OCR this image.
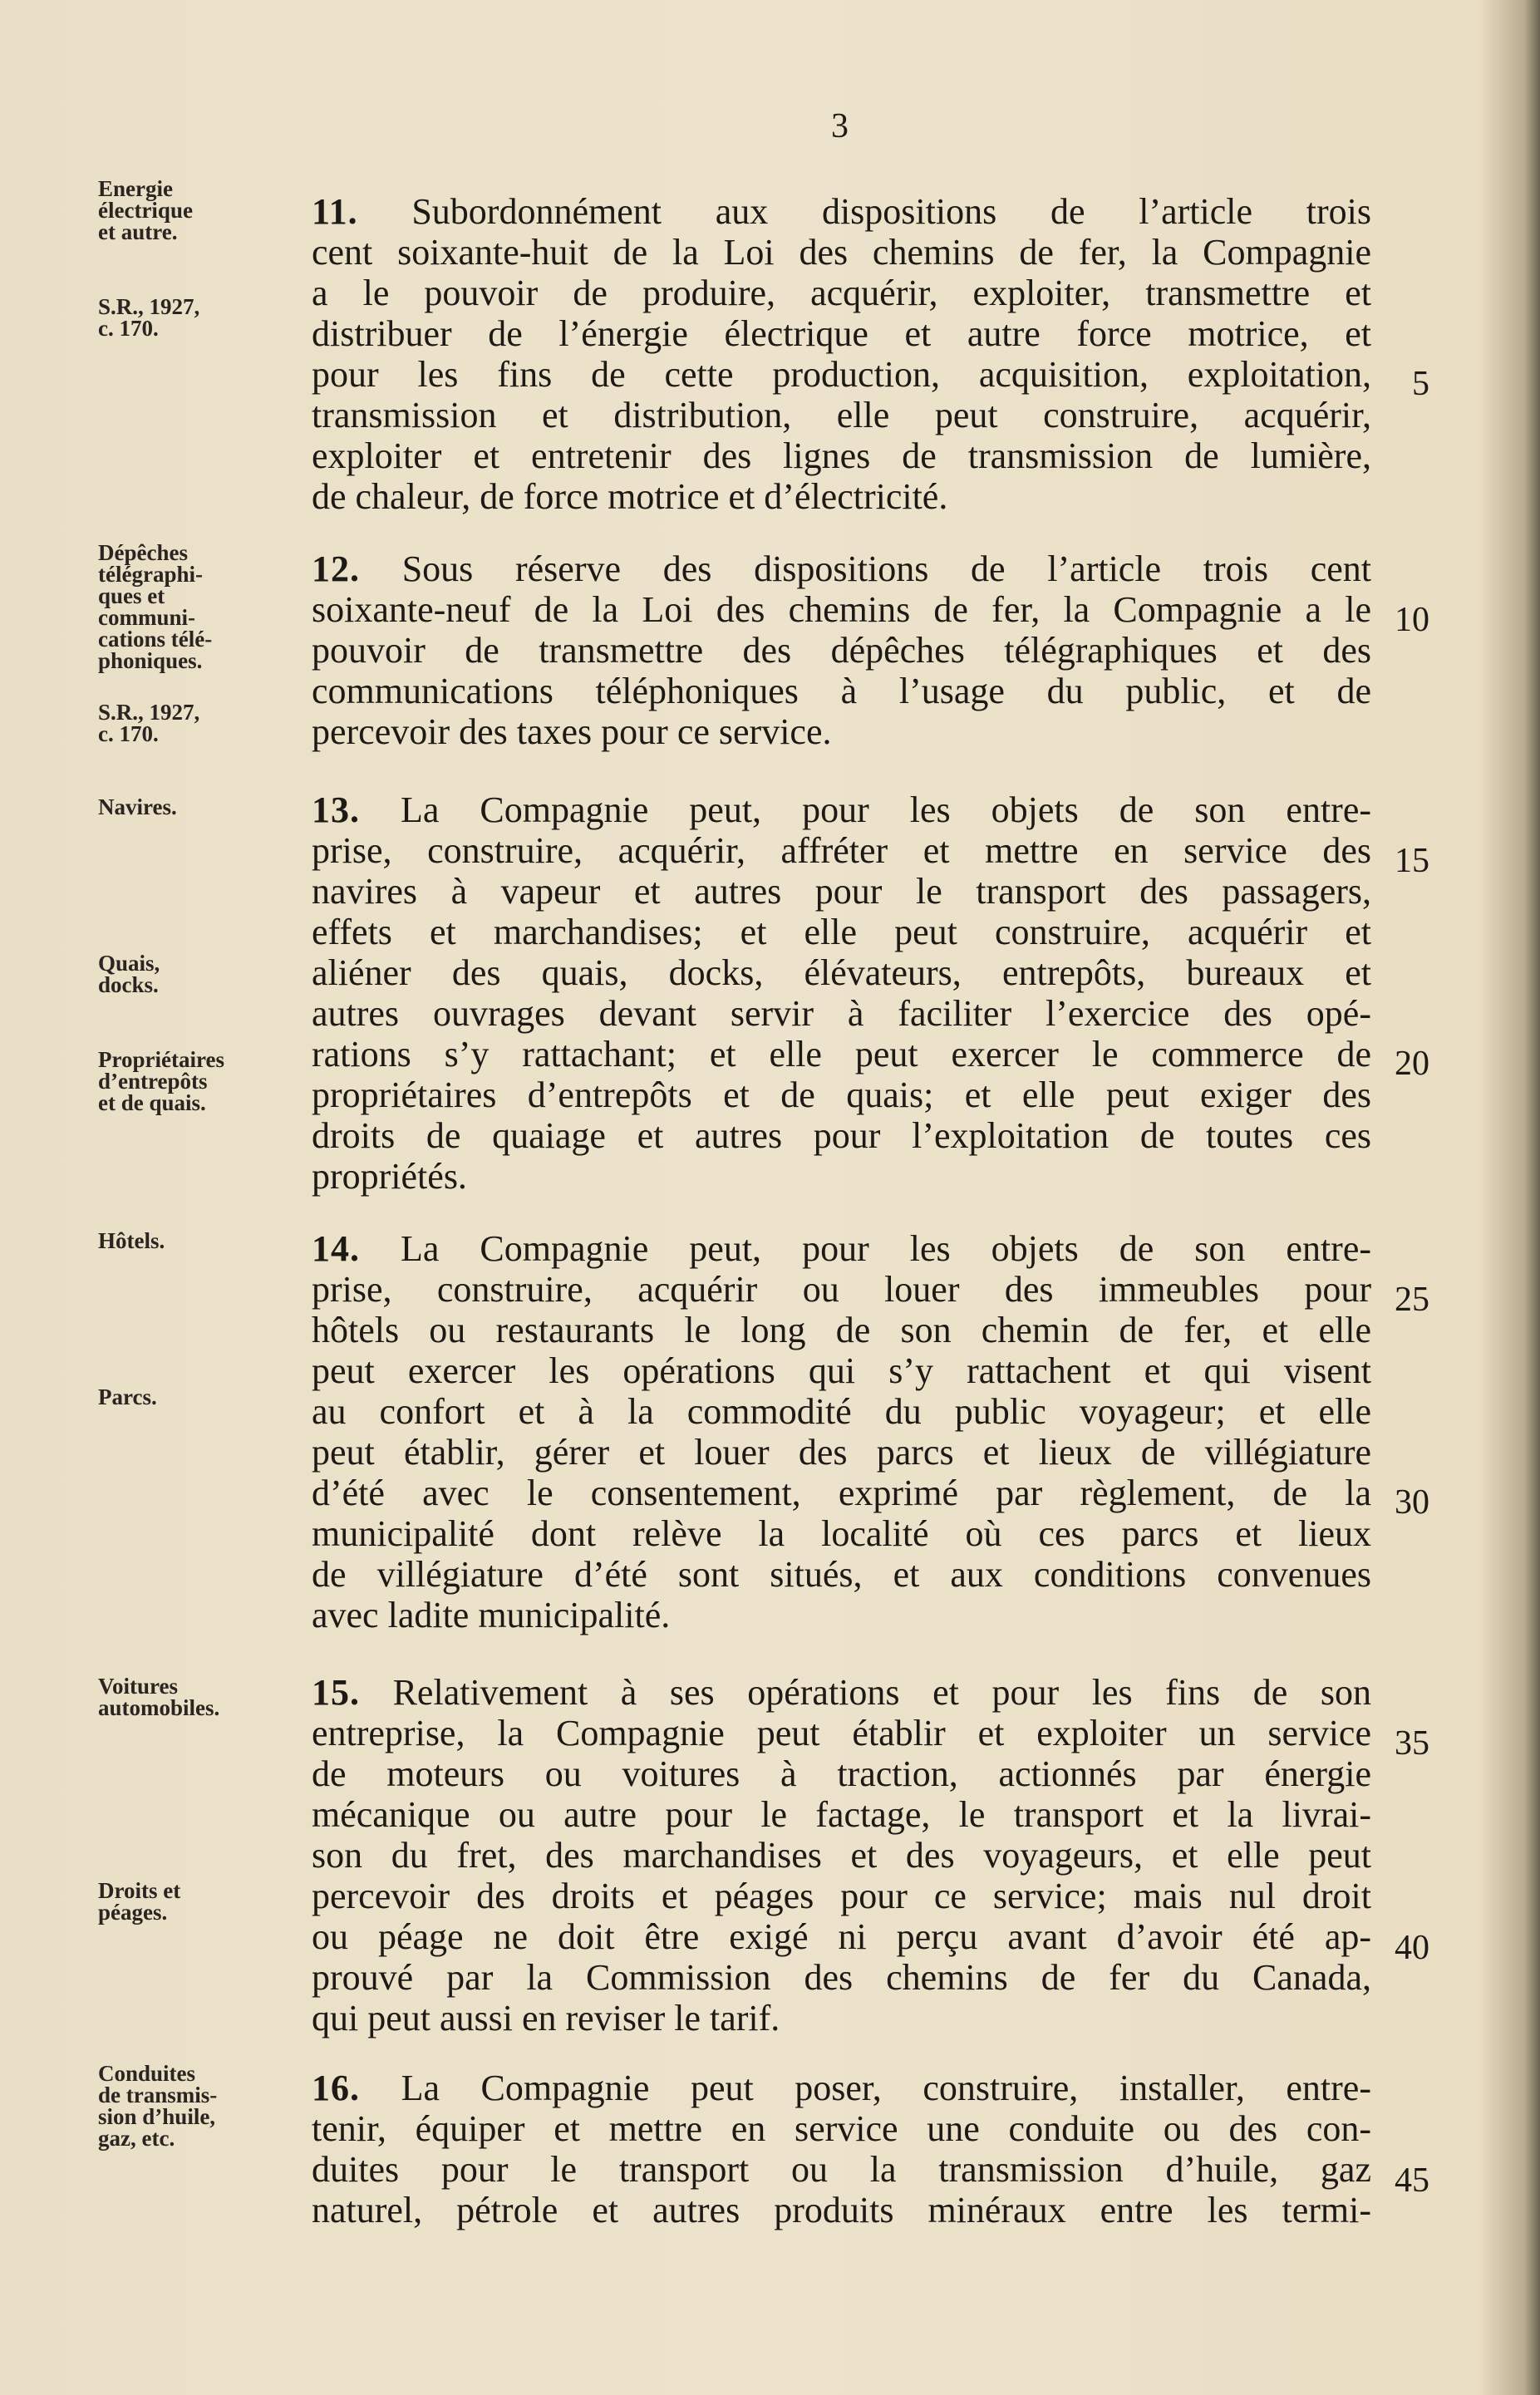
3
Energie
électrique
et autre.
S.R., 1927,
c. 170.
11. Subordonnément aux dispositions de l’article trois
cent soixante-huit de la Loi des chemins de fer, la Compagnie
a le pouvoir de produire, acquérir, exploiter, transmettre et
distribuer de l’énergie électrique et autre force motrice, et
pour les fins de cette production, acquisition, exploitation,
transmission et distribution, elle peut construire, acquérir,
exploiter et entretenir des lignes de transmission de lumière,
de chaleur, de force motrice et d’électricité.
Dépêches
télégraphi-
ques et
communi-
cations télé-
phoniques.
S.R., 1927,
c. 170.
12. Sous réserve des dispositions de l’article trois cent
soixante-neuf de la Loi des chemins de fer, la Compagnie a le
pouvoir de transmettre des dépêches télégraphiques et des
communications téléphoniques à l’usage du public, et de
percevoir des taxes pour ce service.
Navires.
Quais,
docks.
Propriétaires
d’entrepôts
et de quais.
13. La Compagnie peut, pour les objets de son entre-
prise, construire, acquérir, affréter et mettre en service des
navires à vapeur et autres pour le transport des passagers,
effets et marchandises; et elle peut construire, acquérir et
aliéner des quais, docks, élévateurs, entrepôts, bureaux et
autres ouvrages devant servir à faciliter l’exercice des opé-
rations s’y rattachant; et elle peut exercer le commerce de
propriétaires d’entrepôts et de quais; et elle peut exiger des
droits de quaiage et autres pour l’exploitation de toutes ces
propriétés.
Hôtels.
Parcs.
14. La Compagnie peut, pour les objets de son entre-
prise, construire, acquérir ou louer des immeubles pour
hôtels ou restaurants le long de son chemin de fer, et elle
peut exercer les opérations qui s’y rattachent et qui visent
au confort et à la commodité du public voyageur; et elle
peut établir, gérer et louer des parcs et lieux de villégiature
d’été avec le consentement, exprimé par règlement, de la
municipalité dont relève la localité où ces parcs et lieux
de villégiature d’été sont situés, et aux conditions convenues
avec ladite municipalité.
Voitures
automobiles.
Droits et
péages.
15. Relativement à ses opérations et pour les fins de son
entreprise, la Compagnie peut établir et exploiter un service
de moteurs ou voitures à traction, actionnés par énergie
mécanique ou autre pour le factage, le transport et la livrai-
son du fret, des marchandises et des voyageurs, et elle peut
percevoir des droits et péages pour ce service; mais nul droit
ou péage ne doit être exigé ni perçu avant d’avoir été ap-
prouvé par la Commission des chemins de fer du Canada,
qui peut aussi en reviser le tarif.
Conduites
de transmis-
sion d’huile,
gaz, etc.
16. La Compagnie peut poser, construire, installer, entre-
tenir, équiper et mettre en service une conduite ou des con-
duites pour le transport ou la transmission d’huile, gaz
naturel, pétrole et autres produits minéraux entre les termi-
5
10
15
20
25
30
35
40
45
